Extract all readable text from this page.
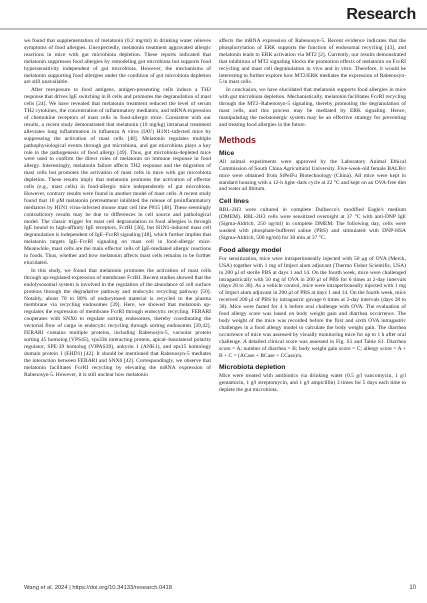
Research

we found that supplementation of melatonin (0.2 mg/ml) in drinking water relieves symptoms of food allergies. Unexpectedly, melatonin treatment aggravated allergic reactions in mice with gut microbiota depletion. These reports indicated that melatonin suppresses food allergies by remodeling gut microbiota but supports food hypersensitivity independent of gut microbiota. However, the mechanisms of melatonin supporting food allergies under the condition of gut microbiota depletion are still unavailable.

After reexposure to food antigens, antigen-presenting cells induce a TH2 response that drives IgE switching in B cells and promotes the degranulation of mast cells [24]. We have revealed that melatonin treatment reduced the level of serum TH2 cytokines, the concentration of inflammatory mediators, and mRNA expression of chemokine receptors of mast cells in food-allergic mice. Consistent with our results, a recent study demonstrated that melatonin (10 mg/kg) intranasal treatment alleviates lung inflammation in influenza A virus (IAV) H1N1-infected mice by suppressing the activation of mast cells [48]. Melatonin regulates multiple pathophysiological events through gut microbiota, and gut microbiota plays a key role in the pathogenesis of food allergy [49]. Thus, gut microbiota-depleted mice were used to confirm the direct roles of melatonin on immune response in food allergy. Interestingly, melatonin failure affects TH2 response and the migration of mast cells but promotes the activation of mast cells in mice with gut microbiota depletion. These results imply that melatonin promotes the activation of effector cells (e.g., mast cells) in food-allergic mice independently of gut microbiota. However, contrary results were found in another model of mast cells. A recent study found that 10 μM melatonin pretreatment inhibited the release of proinflammatory mediators by H1N1 virus-infected mouse mast cell line P815 [48]. These seemingly contradictory results may be due to differences in cell source and pathological model. The classic trigger for mast cell degranulation in food allergies is through IgE bound to high-affinity IgE receptors, FcεRI [36], but H1N1-induced mast cell degranulation is independent of IgE–FcεRI signaling [48], which further implies that melatonin targets IgE–FcεRI signaling on mast cell in food-allergic mice. Meanwhile, mast cells are the main effector cells of IgE-mediated allergic reactions to foods. Thus, whether and how melatonin affects mast cells remains to be further elucidated.

In this study, we found that melatonin promotes the activation of mast cells through up-regulated expression of membrane FcεRI. Recent studies showed that the endolysosomal system is involved in the regulation of the abundance of cell surface proteins through the degradative pathway and endocytic recycling pathway [50]. Notably, about 70 to 80% of endocytosed material is recycled to the plasma membrane via recycling endosomes [39]. Here, we showed that melatonin up-regulates the expression of membrane FcεRI through endocytic recycling. FERARI cooperates with SNX6 to regulate sorting endosomes, thereby coordinating the vectorial flow of cargo in endocytic recycling through sorting endosomes [39,42]. FERARI contains multiple proteins, including Rabenosyn-5, vacuolar protein sorting 45 homolog (VPS45), vps33b interacting protein, apical–basolateral polarity regulator, SPE-39 homolog (VIPAS39), ankyrin 1 (ANK1), and eps15 homology domain protein 1 (EHD1) [42]. It should be mentioned that Rabenosyn-5 mediates the interaction between FERARI and SNX6 [42]. Correspondingly, we observe that melatonin facilitates FcεRI recycling by elevating the mRNA expression of Rabenosyn-5. However, it is still unclear how melatonin

affects the mRNA expression of Rabenosyn-5. Recent evidence indicates that the phosphorylation of ERK supports the function of endosomal recycling [43], and melatonin leads to ERK activation via MT2 [2]. Currently, our results demonstrated that inhibition of MT2 signaling blocks the promotion effects of melatonin on FcεRI recycling and mast cell degranulation in vivo and in vitro. Therefore, it would be interesting to further explore how MT2/ERK mediates the expression of Rabenosyn-5 in mast cells.

In conclusion, we have elucidated that melatonin supports food allergies in mice with gut microbiota depletion. Mechanistically, melatonin facilitates FcεRI recycling through the MT2–Rabenosyn-5 signaling, thereby promoting the degranulation of mast cells, and this process may be mediated by ERK signaling. Hence, manipulating the melatonergic system may be an effective strategy for preventing and treating food allergies in the future.

Methods
Mice

All animal experiments were approved by the Laboratory Animal Ethical Commission of South China Agricultural University. Five-week-old female BALB/c mice were obtained from SiPeiFu Biotechnology (China). All mice were kept in standard housing with a 12-h light–dark cycle at 22 °C and kept on an OVA-free diet and water ad libitum.

Cell lines

RBL-2H3 were cultured in complete Dulbecco's modified Eagle's medium (DMEM). RBL-2H3 cells were sensitized overnight at 37 °C with anti-DNP IgE (Sigma-Aldrich, 250 ng/ml) in complete DMEM. The following day, cells were washed with phosphate-buffered saline (PBS) and stimulated with DNP-HSA (Sigma-Aldrich, 500 ng/ml) for 30 min at 37 °C.

Food allergy model

For sensitization, mice were intraperitoneally injected with 50 μg of OVA (Merck, USA) together with 1 mg of Imject alum adjuvant (Thermo Fisher Scientific, USA) in 200 μl of sterile PBS at days 1 and 14. On the fourth week, mice were challenged intragastrically with 50 mg of OVA in 200 μl of PBS for 6 times at 2-day intervals (days 28 to 38). As a vehicle control, mice were intraperitoneally injected with 1 mg of Imject alum adjuvant in 200 μl of PBS at days 1 and 14. On the fourth week, mice received 200 μl of PBS by intragastric gavage 6 times at 2-day intervals (days 28 to 38). Mice were fasted for 4 h before oral challenge with OVA. The evaluation of food allergy score was based on body weight gain and diarrhea occurrence. The body weight of the mice was recorded before the first and sixth OVA intragastric challenges in a food allergy model to calculate the body weight gain. The diarrhea occurrence of mice was assessed by visually monitoring mice for up to 1 h after oral challenge. A detailed clinical score was assessed in Fig. S1 and Table S1. Diarrhea score = A; number of diarrhea = B; body weight gain score = C; allergy score = A + B + C = (ACase + BCase + CCase)/n.

Microbiota depletion

Mice were treated with antibiotics via drinking water (0.5 g/l vancomycin, 1 g/l gentamicin, 1 g/l streptomycin, and 1 g/l ampicillin) 3 times for 5 days each time to deplete the gut microbiota.

Wang et al. 2024 | https://doi.org/10.34133/research.0418	10
